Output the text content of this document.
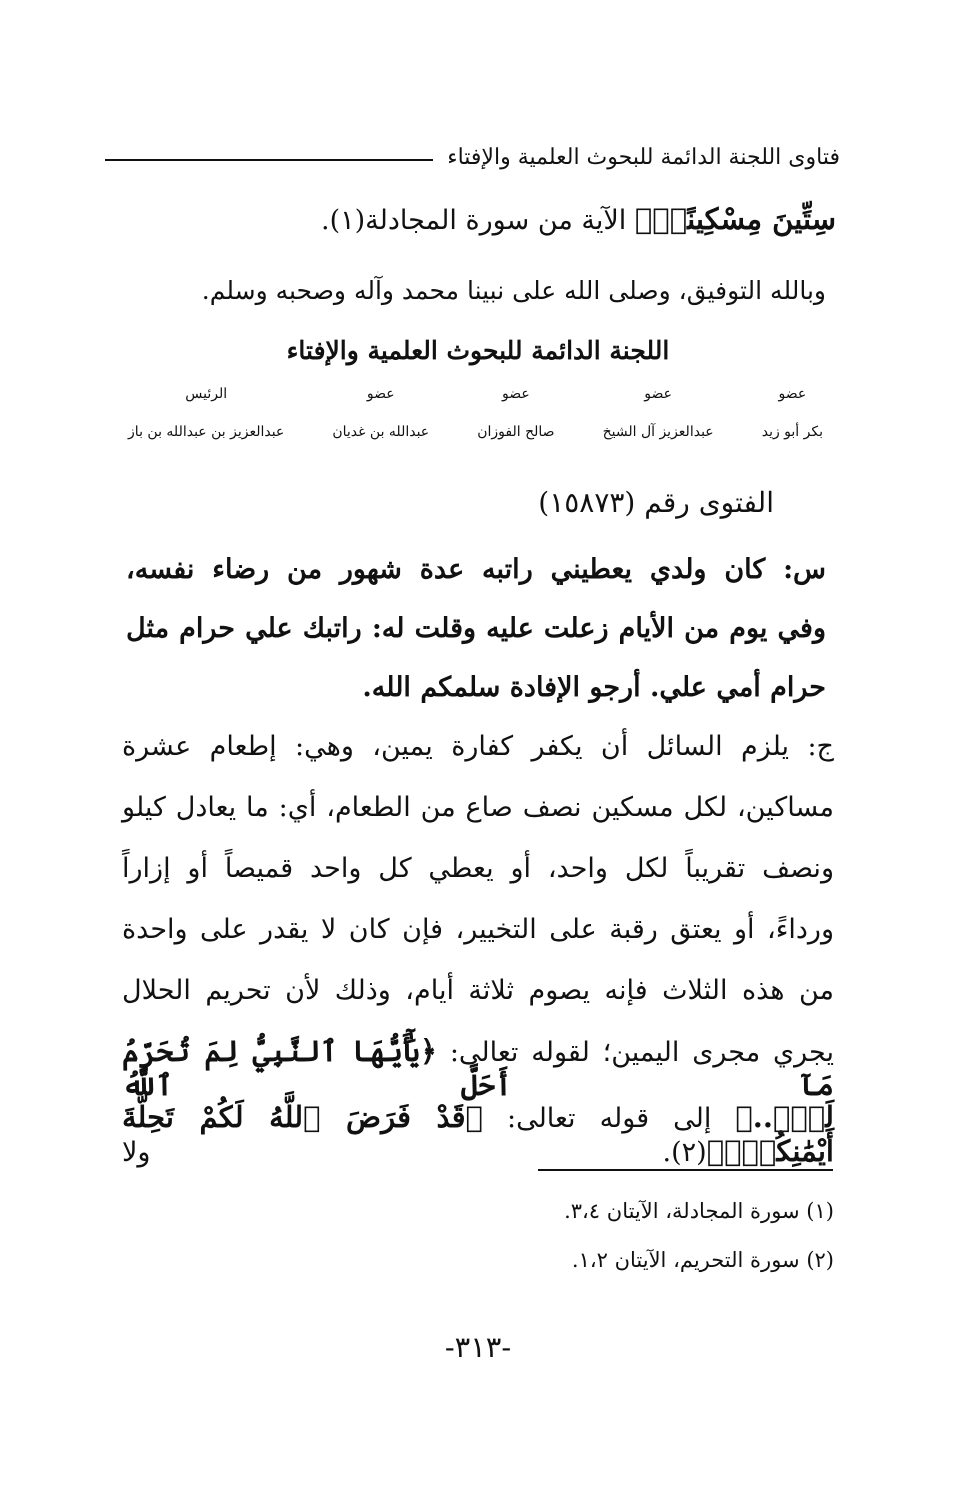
فتاوى اللجنة الدائمة للبحوث العلمية والإفتاء
سِتِّينَ مِسْكِينًاۚ﴾ الآية من سورة المجادلة(١).
وبالله التوفيق، وصلى الله على نبينا محمد وآله وصحبه وسلم.
اللجنة الدائمة للبحوث العلمية والإفتاء
عضو
بكر أبو زيد
عضو
عبدالعزيز آل الشيخ
عضو
صالح الفوزان
عضو
عبدالله بن غديان
الرئيس
عبدالعزيز بن عبدالله بن باز
الفتوى رقم (١٥٨٧٣)
س: كان ولدي يعطيني راتبه عدة شهور من رضاء نفسه،
وفي يوم من الأيام زعلت عليه وقلت له: راتبك علي حرام مثل
حرام أمي علي. أرجو الإفادة سلمكم الله.
ج: يلزم السائل أن يكفر كفارة يمين، وهي: إطعام عشرة
مساكين، لكل مسكين نصف صاع من الطعام، أي: ما يعادل كيلو
ونصف تقريباً لكل واحد، أو يعطي كل واحد قميصاً أو إزاراً
ورداءً، أو يعتق رقبة على التخيير، فإن كان لا يقدر على واحدة
من هذه الثلاث فإنه يصوم ثلاثة أيام، وذلك لأن تحريم الحلال
يجري مجرى اليمين؛ لقوله تعالى: ﴿يَٰٓأَيُّهَا ٱلنَّبِيُّ لِمَ تُحَرِّمُ مَآ أَحَلَّ ٱللَّهُ
لَكَۖ..﴾ إلى قوله تعالى: ﴿قَدْ فَرَضَ ٱللَّهُ لَكُمْ تَحِلَّةَ أَيْمَٰنِكُمْۚ﴾(٢). ولا
(١) سورة المجادلة، الآيتان ٣،٤.
(٢) سورة التحريم، الآيتان ١،٢.
-٣١٣-
